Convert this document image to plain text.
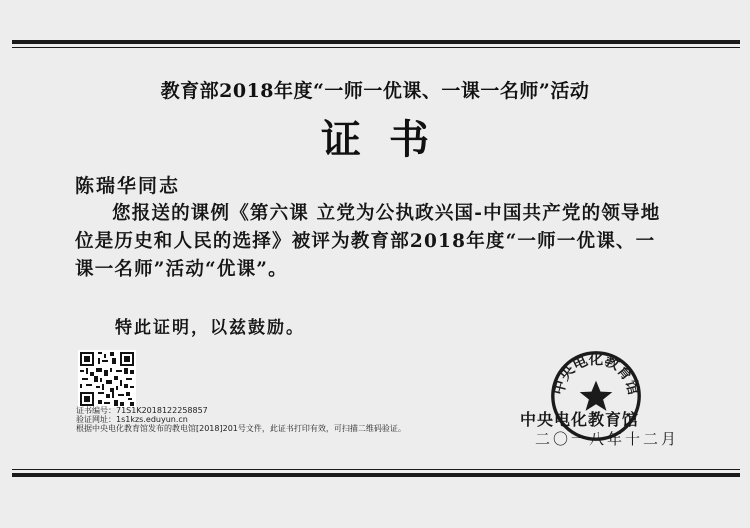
教育部2018年度“一师一优课、一课一名师”活动
证书
陈瑞华同志
您报送的课例《第六课 立党为公执政兴国-中国共产党的领导地位是历史和人民的选择》被评为教育部2018年度“一师一优课、一课一名师”活动“优课”。
特此证明，以兹鼓励。
证书编号：71S1K2018122258857
验证网址：1s1kzs.eduyun.cn
根据中央电化教育馆发布的教电馆[2018]201号文件，此证书打印有效，可扫描二维码验证。
中央电化教育馆
中央电化教育馆
二〇一八年十二月
